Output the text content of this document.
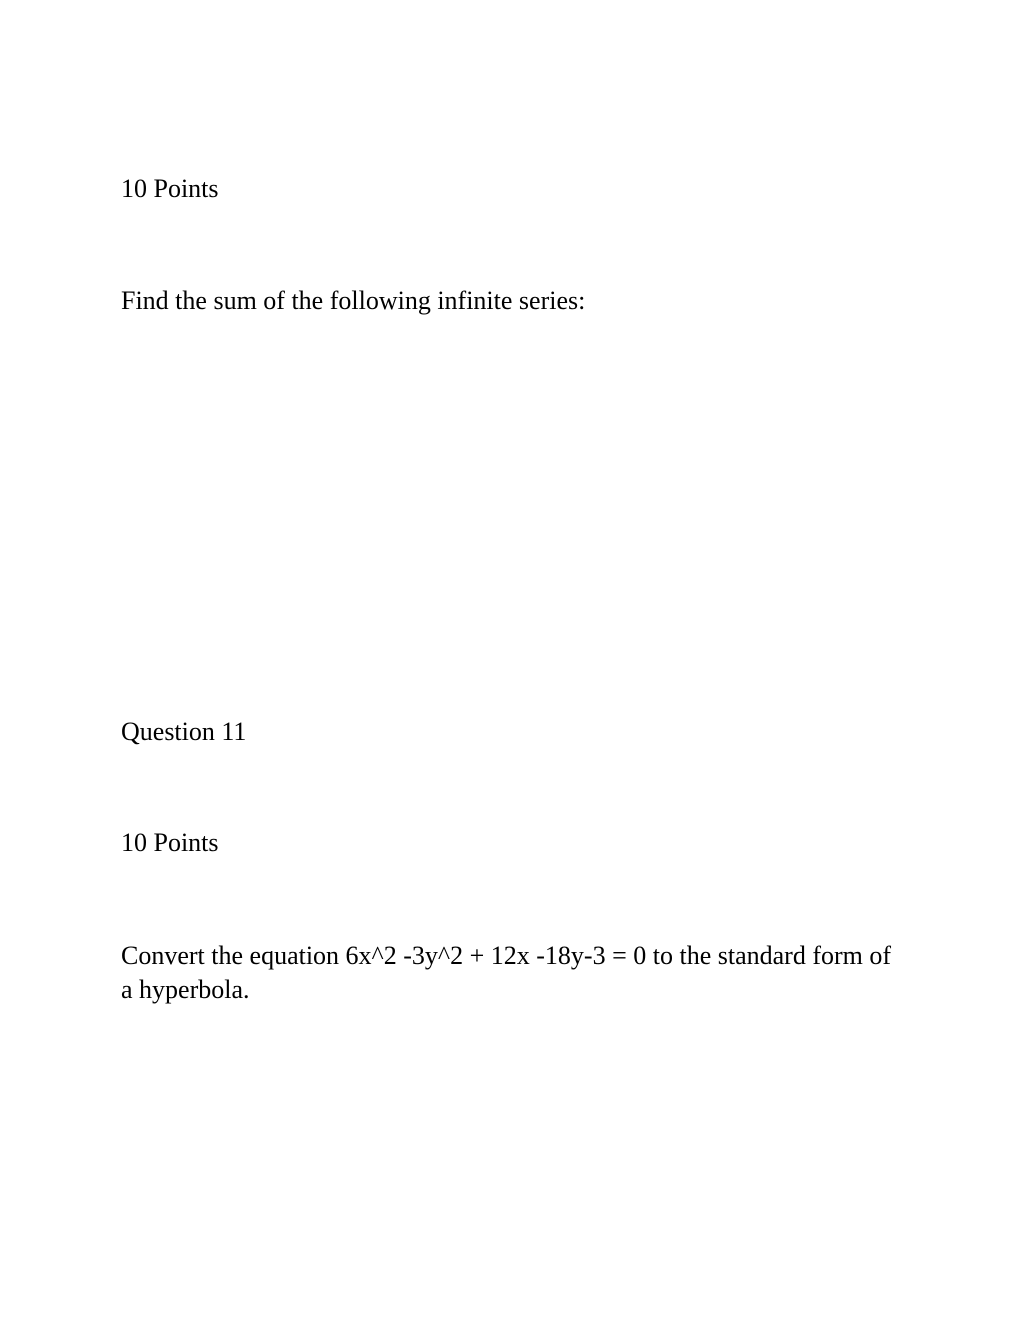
10 Points
Find the sum of the following infinite series:
Question 11
10 Points
Convert the equation 6x^2 -3y^2 + 12x -18y-3 = 0 to the standard form of a hyperbola.
